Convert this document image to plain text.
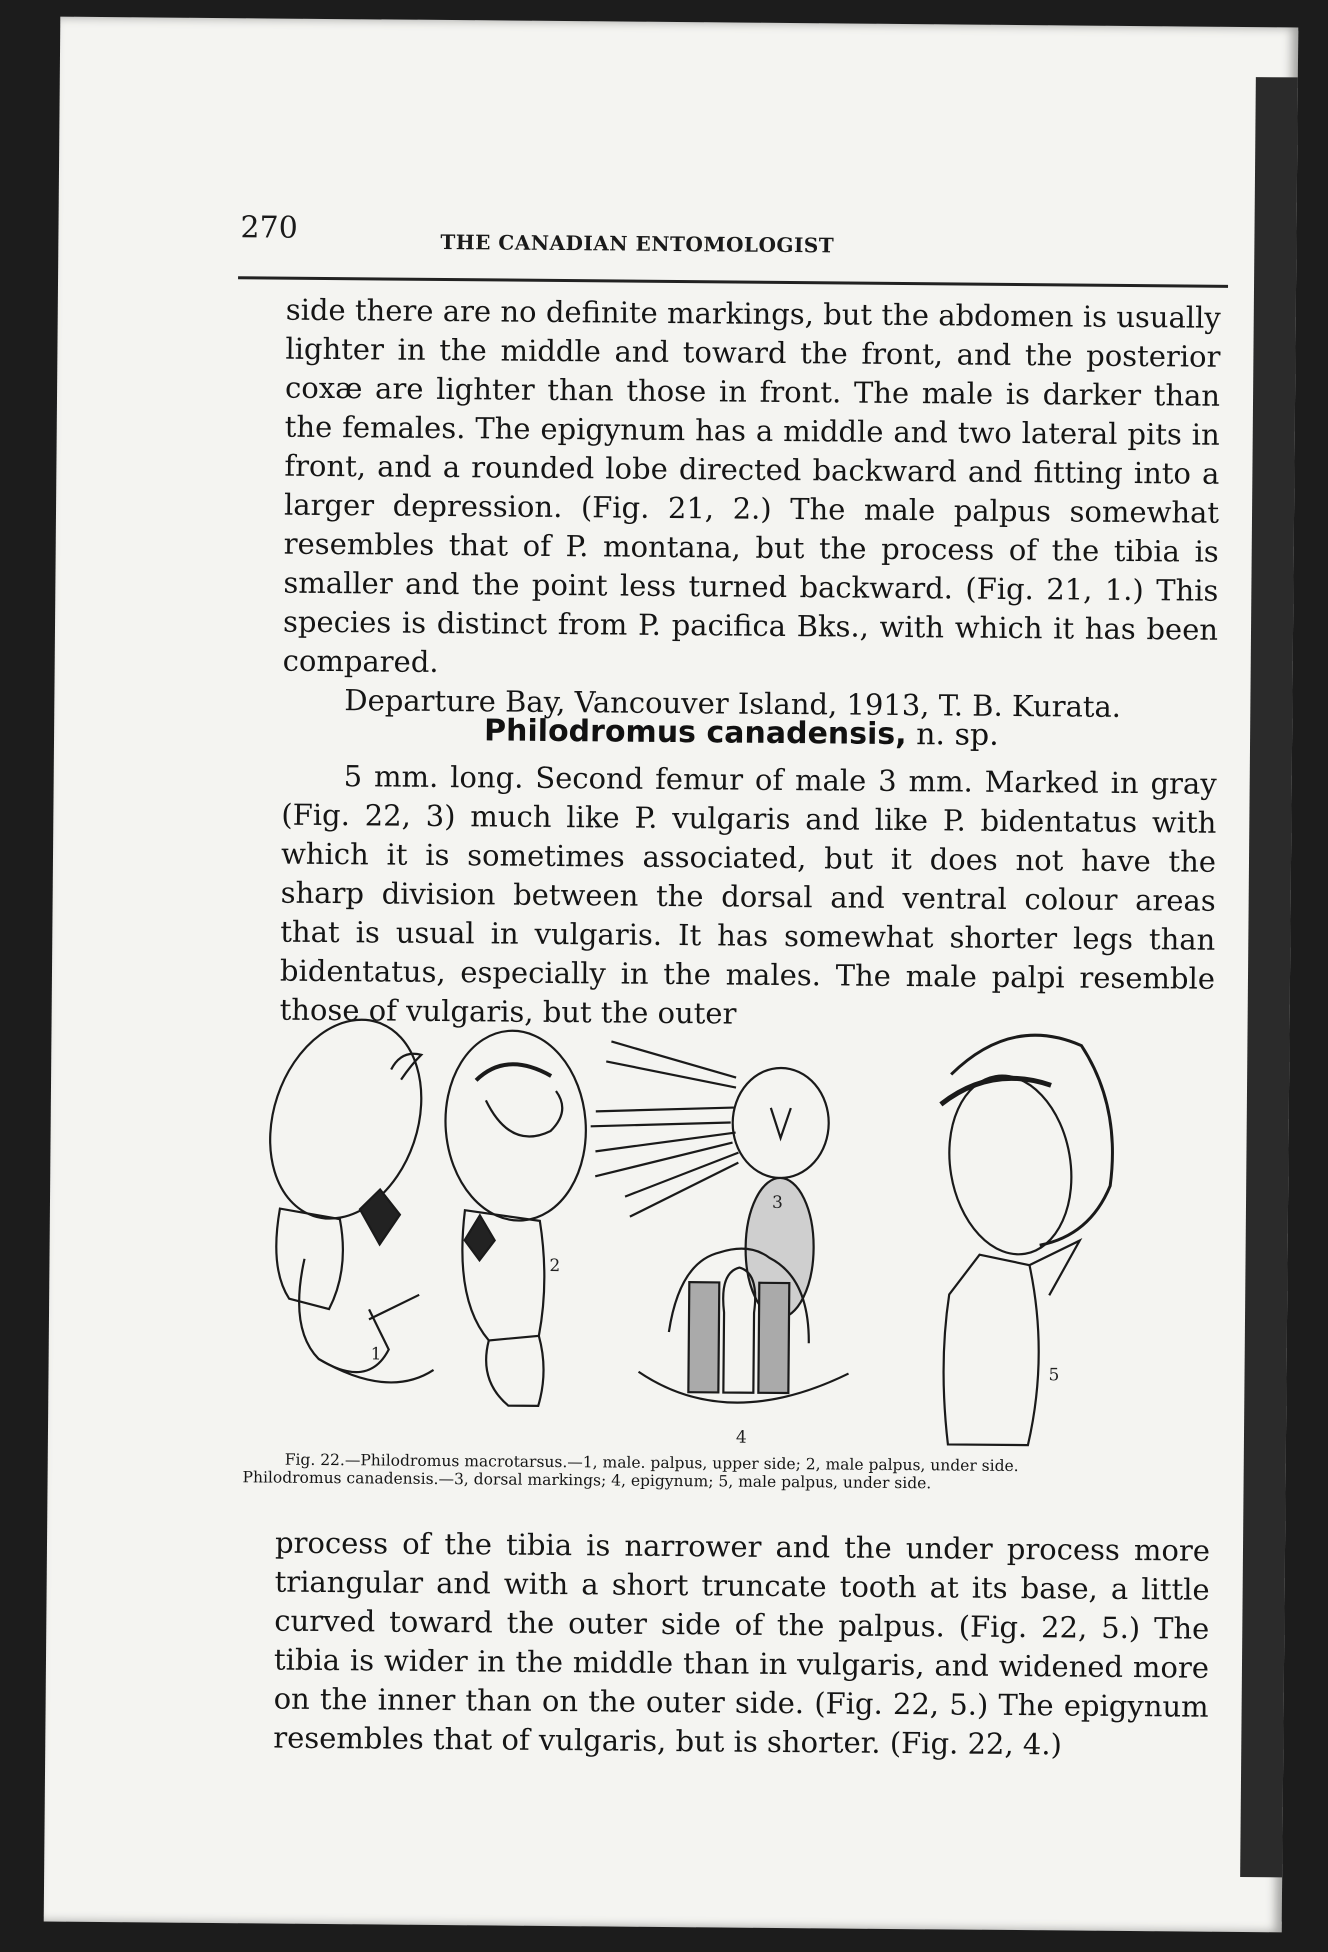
270	THE CANADIAN ENTOMOLOGIST

side there are no definite markings, but the abdomen is usually lighter in the middle and toward the front, and the posterior coxæ are lighter than those in front. The male is darker than the females. The epigynum has a middle and two lateral pits in front, and a rounded lobe directed backward and fitting into a larger depression. (Fig. 21, 2.) The male palpus somewhat resembles that of P. montana, but the process of the tibia is smaller and the point less turned backward. (Fig. 21, 1.) This species is distinct from P. pacifica Bks., with which it has been compared.

Departure Bay, Vancouver Island, 1913, T. B. Kurata.

Philodromus canadensis, n. sp.

5 mm. long. Second femur of male 3 mm. Marked in gray (Fig. 22, 3) much like P. vulgaris and like P. bidentatus with which it is sometimes associated, but it does not have the sharp division between the dorsal and ventral colour areas that is usual in vulgaris. It has somewhat shorter legs than bidentatus, especially in the males. The male palpi resemble those of vulgaris, but the outer

1
2
3
4
5
Fig. 22.—Philodromus macrotarsus.—1, male. palpus, upper side; 2, male palpus, under side.
Philodromus canadensis.—3, dorsal markings; 4, epigynum; 5, male palpus, under side.

process of the tibia is narrower and the under process more triangular and with a short truncate tooth at its base, a little curved toward the outer side of the palpus. (Fig. 22, 5.) The tibia is wider in the middle than in vulgaris, and widened more on the inner than on the outer side. (Fig. 22, 5.) The epigynum resembles that of vulgaris, but is shorter. (Fig. 22, 4.)
